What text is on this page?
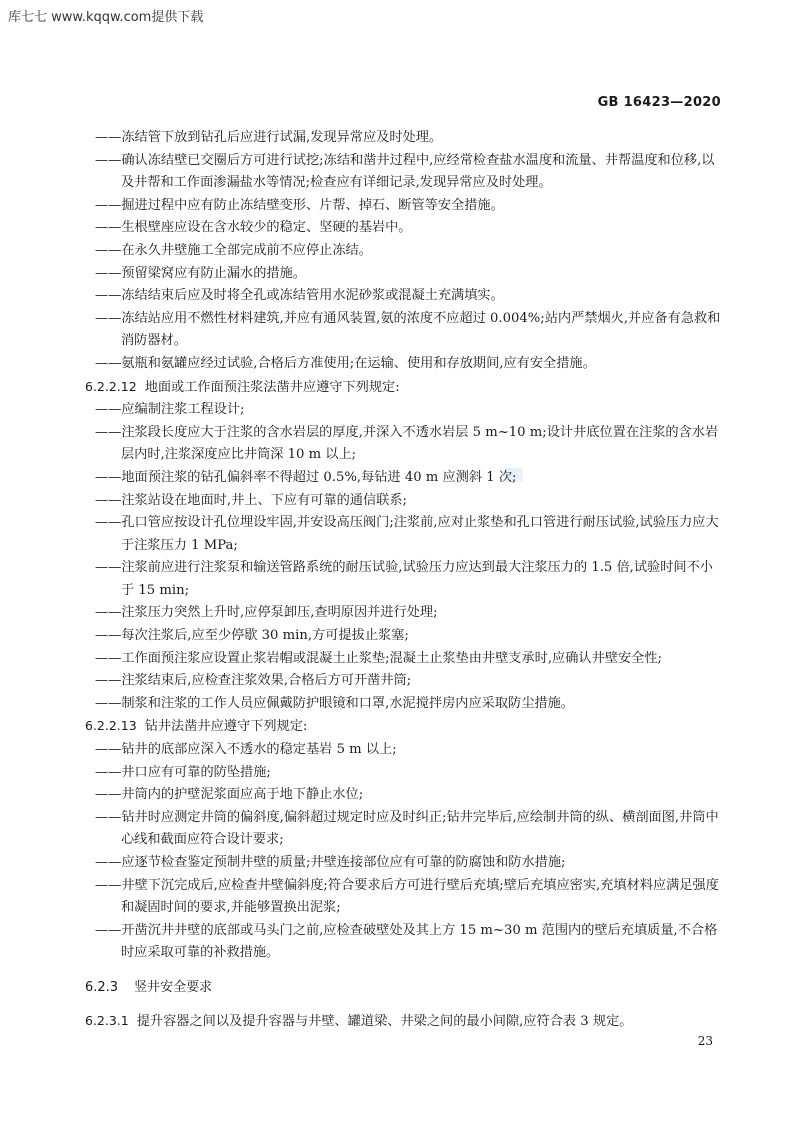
库七七 www.kqqw.com提供下载
GB 16423—2020

——冻结管下放到钻孔后应进行试漏,发现异常应及时处理。

——确认冻结壁已交圈后方可进行试挖;冻结和凿井过程中,应经常检查盐水温度和流量、井帮温度和位移,以及井帮和工作面渗漏盐水等情况;检查应有详细记录,发现异常应及时处理。

——掘进过程中应有防止冻结壁变形、片帮、掉石、断管等安全措施。

——生根壁座应设在含水较少的稳定、坚硬的基岩中。

——在永久井壁施工全部完成前不应停止冻结。

——预留梁窝应有防止漏水的措施。

——冻结结束后应及时将全孔或冻结管用水泥砂浆或混凝土充满填实。

——冻结站应用不燃性材料建筑,并应有通风装置,氨的浓度不应超过 0.004%;站内严禁烟火,并应备有急救和消防器材。

——氨瓶和氨罐应经过试验,合格后方准使用;在运输、使用和存放期间,应有安全措施。

6.2.2.12 地面或工作面预注浆法凿井应遵守下列规定:

——应编制注浆工程设计;

——注浆段长度应大于注浆的含水岩层的厚度,并深入不透水岩层 5 m~10 m;设计井底位置在注浆的含水岩层内时,注浆深度应比井筒深 10 m 以上;

——地面预注浆的钻孔偏斜率不得超过 0.5%,每钻进 40 m 应测斜 1 次;

——注浆站设在地面时,井上、下应有可靠的通信联系;

——孔口管应按设计孔位埋设牢固,并安设高压阀门;注浆前,应对止浆垫和孔口管进行耐压试验,试验压力应大于注浆压力 1 MPa;

——注浆前应进行注浆泵和输送管路系统的耐压试验,试验压力应达到最大注浆压力的 1.5 倍,试验时间不小于 15 min;

——注浆压力突然上升时,应停泵卸压,查明原因并进行处理;

——每次注浆后,应至少停歇 30 min,方可提拔止浆塞;

——工作面预注浆应设置止浆岩帽或混凝土止浆垫;混凝土止浆垫由井壁支承时,应确认井壁安全性;

——注浆结束后,应检查注浆效果,合格后方可开凿井筒;

——制浆和注浆的工作人员应佩戴防护眼镜和口罩,水泥搅拌房内应采取防尘措施。

6.2.2.13 钻井法凿井应遵守下列规定:

——钻井的底部应深入不透水的稳定基岩 5 m 以上;

——井口应有可靠的防坠措施;

——井筒内的护壁泥浆面应高于地下静止水位;

——钻井时应测定井筒的偏斜度,偏斜超过规定时应及时纠正;钻井完毕后,应绘制井筒的纵、横剖面图,井筒中心线和截面应符合设计要求;

——应逐节检查鉴定预制井壁的质量;井壁连接部位应有可靠的防腐蚀和防水措施;

——井壁下沉完成后,应检查井壁偏斜度;符合要求后方可进行壁后充填;壁后充填应密实,充填材料应满足强度和凝固时间的要求,并能够置换出泥浆;

——开凿沉井井壁的底部或马头门之前,应检查破壁处及其上方 15 m~30 m 范围内的壁后充填质量,不合格时应采取可靠的补救措施。

6.2.3 竖井安全要求

6.2.3.1 提升容器之间以及提升容器与井壁、罐道梁、井梁之间的最小间隙,应符合表 3 规定。

23
